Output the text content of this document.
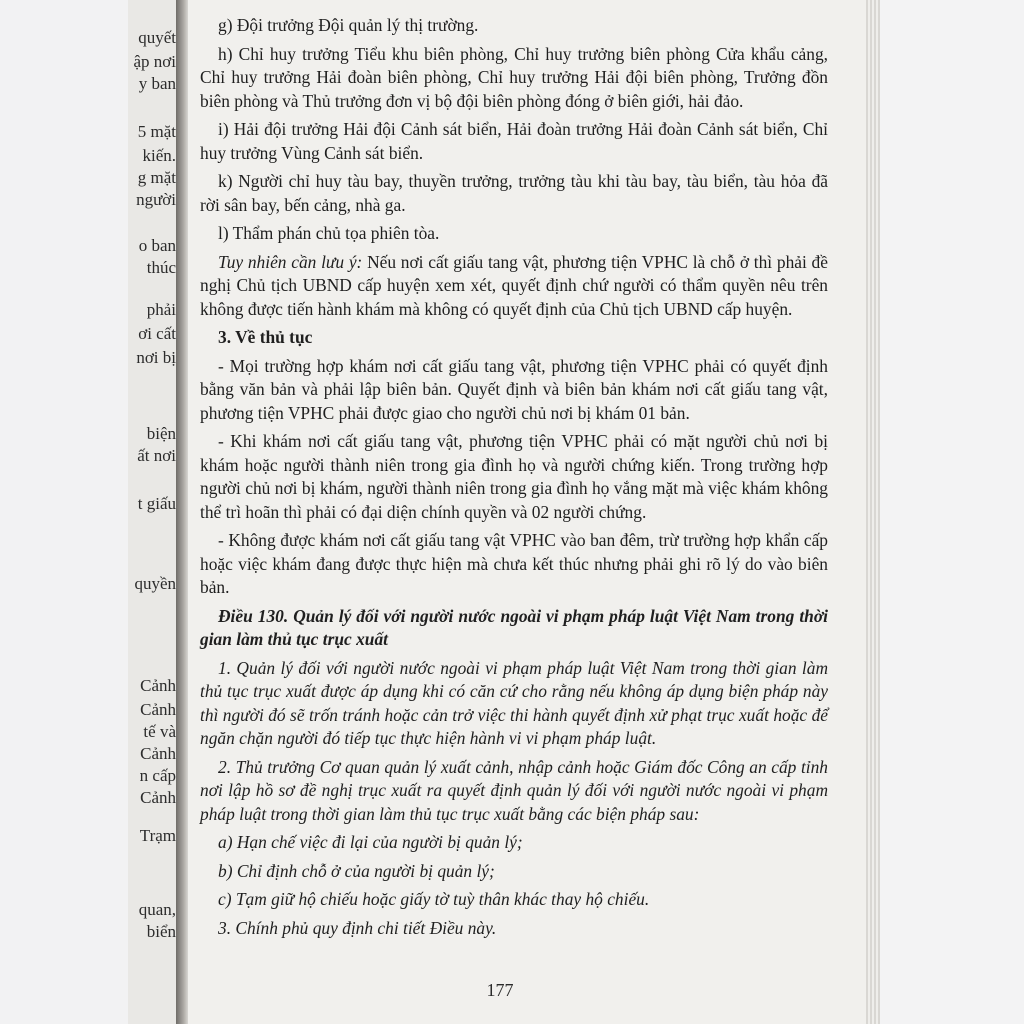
quyết
ập nơi
y ban
5 mặt
kiến.
g mặt
người
o ban
thúc
phải
ơi cất
nơi bị
biện
ất nơi
t giấu
quyền
Cảnh
Cảnh
tế và
Cảnh
n cấp
Cảnh
Trạm
quan,
biển

g) Đội trưởng Đội quản lý thị trường.

h) Chỉ huy trưởng Tiểu khu biên phòng, Chỉ huy trưởng biên phòng Cửa khẩu cảng, Chỉ huy trưởng Hải đoàn biên phòng, Chỉ huy trưởng Hải đội biên phòng, Trưởng đồn biên phòng và Thủ trưởng đơn vị bộ đội biên phòng đóng ở biên giới, hải đảo.

i) Hải đội trưởng Hải đội Cảnh sát biển, Hải đoàn trưởng Hải đoàn Cảnh sát biển, Chỉ huy trưởng Vùng Cảnh sát biển.

k) Người chỉ huy tàu bay, thuyền trưởng, trưởng tàu khi tàu bay, tàu biển, tàu hỏa đã rời sân bay, bến cảng, nhà ga.

l) Thẩm phán chủ tọa phiên tòa.

Tuy nhiên cần lưu ý: Nếu nơi cất giấu tang vật, phương tiện VPHC là chỗ ở thì phải đề nghị Chủ tịch UBND cấp huyện xem xét, quyết định chứ người có thẩm quyền nêu trên không được tiến hành khám mà không có quyết định của Chủ tịch UBND cấp huyện.

3. Về thủ tục

- Mọi trường hợp khám nơi cất giấu tang vật, phương tiện VPHC phải có quyết định bằng văn bản và phải lập biên bản. Quyết định và biên bản khám nơi cất giấu tang vật, phương tiện VPHC phải được giao cho người chủ nơi bị khám 01 bản.

- Khi khám nơi cất giấu tang vật, phương tiện VPHC phải có mặt người chủ nơi bị khám hoặc người thành niên trong gia đình họ và người chứng kiến. Trong trường hợp người chủ nơi bị khám, người thành niên trong gia đình họ vắng mặt mà việc khám không thể trì hoãn thì phải có đại diện chính quyền và 02 người chứng.

- Không được khám nơi cất giấu tang vật VPHC vào ban đêm, trừ trường hợp khẩn cấp hoặc việc khám đang được thực hiện mà chưa kết thúc nhưng phải ghi rõ lý do vào biên bản.

Điều 130. Quản lý đối với người nước ngoài vi phạm pháp luật Việt Nam trong thời gian làm thủ tục trục xuất

1. Quản lý đối với người nước ngoài vi phạm pháp luật Việt Nam trong thời gian làm thủ tục trục xuất được áp dụng khi có căn cứ cho rằng nếu không áp dụng biện pháp này thì người đó sẽ trốn tránh hoặc cản trở việc thi hành quyết định xử phạt trục xuất hoặc để ngăn chặn người đó tiếp tục thực hiện hành vi vi phạm pháp luật.

2. Thủ trưởng Cơ quan quản lý xuất cảnh, nhập cảnh hoặc Giám đốc Công an cấp tỉnh nơi lập hồ sơ đề nghị trục xuất ra quyết định quản lý đối với người nước ngoài vi phạm pháp luật trong thời gian làm thủ tục trục xuất bằng các biện pháp sau:

a) Hạn chế việc đi lại của người bị quản lý;

b) Chỉ định chỗ ở của người bị quản lý;

c) Tạm giữ hộ chiếu hoặc giấy tờ tuỳ thân khác thay hộ chiếu.

3. Chính phủ quy định chi tiết Điều này.

177
